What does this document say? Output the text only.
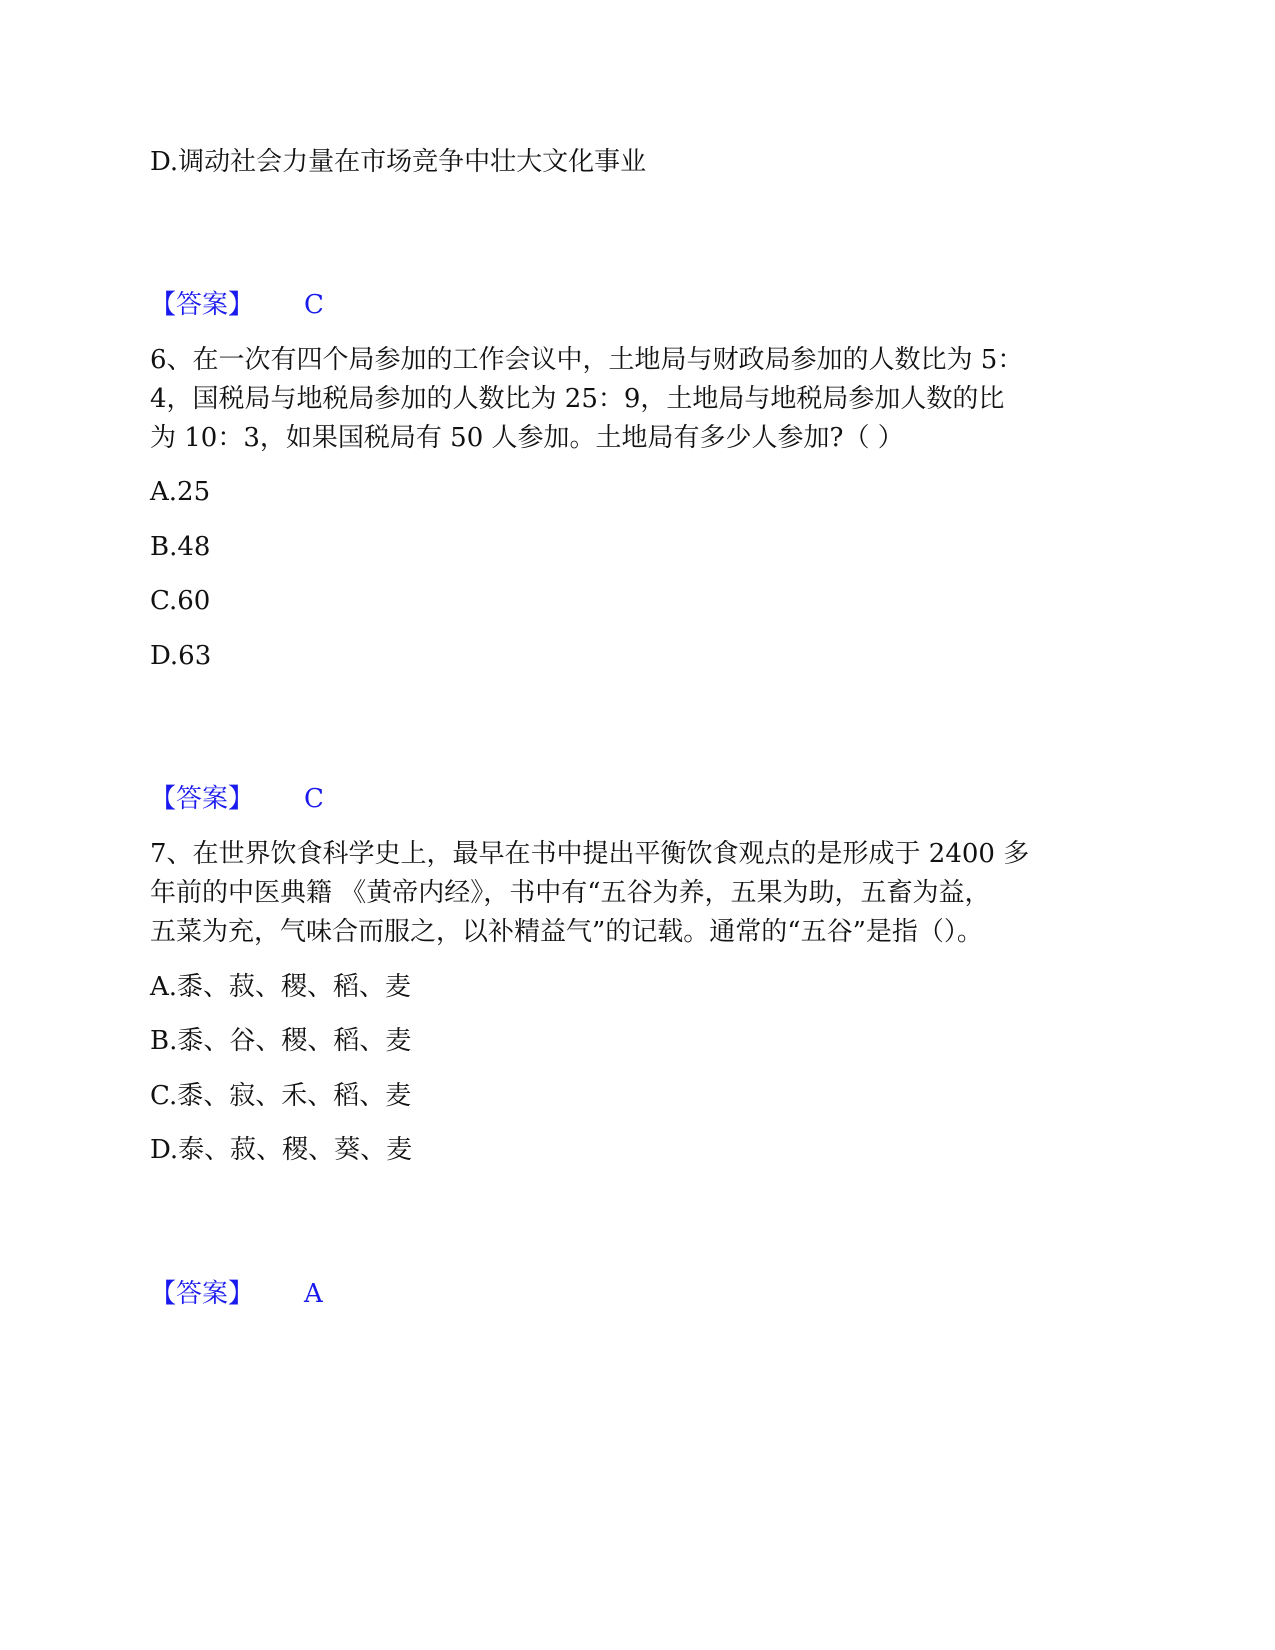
D.调动社会力量在市场竞争中壮大文化事业
【答案】 C
6、在一次有四个局参加的工作会议中，土地局与财政局参加的人数比为 5：
4，国税局与地税局参加的人数比为 25：9，土地局与地税局参加人数的比
为 10：3，如果国税局有 50 人参加。土地局有多少人参加?（ ）
A.25
B.48
C.60
D.63
【答案】 C
7、在世界饮食科学史上，最早在书中提出平衡饮食观点的是形成于 2400 多
年前的中医典籍 《黄帝内经》，书中有“五谷为养，五果为助，五畜为益，
五菜为充，气味合而服之，以补精益气”的记载。通常的“五谷”是指（）。
A.黍、菽、稷、稻、麦
B.黍、谷、稷、稻、麦
C.黍、寂、禾、稻、麦
D.泰、菽、稷、葵、麦
【答案】 A
